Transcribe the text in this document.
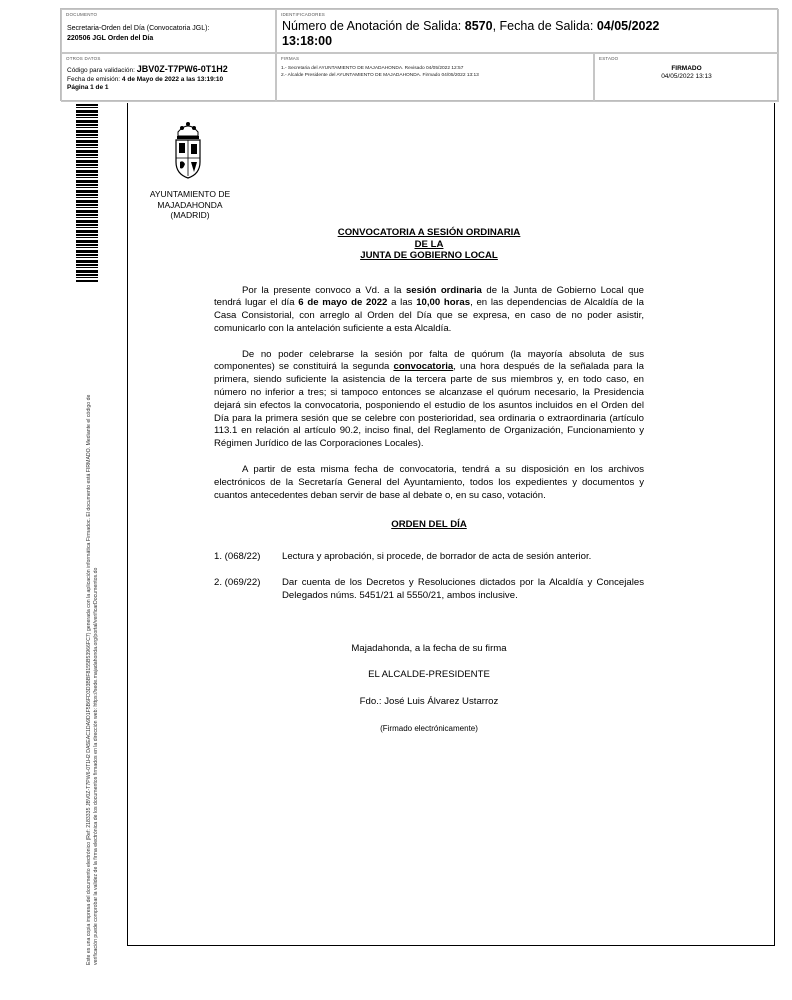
DOCUMENTO
Secretaria-Orden del Día (Convocatoria JGL):
220506 JGL Orden del Día
IDENTIFICADORES
Número de Anotación de Salida: 8570, Fecha de Salida: 04/05/2022
13:18:00
OTROS DATOS
Código para validación: JBV0Z-T7PW6-0T1H2
Fecha de emisión: 4 de Mayo de 2022 a las 13:19:10
Página 1 de 1
FIRMAS
1.- Secretaria del AYUNTAMIENTO DE MAJADAHONDA. Revisado 04/05/2022 12:57
2.- Alcalde Presidente del AYUNTAMIENTO DE MAJADAHONDA. Firmado 04/05/2022 13:13
ESTADO
FIRMADO
04/05/2022 13:13
Este es una copia impresa del documento electrónico (Ref: 2183335 JBV0Z-T7PW6-0T1H2 DA5EAC1DA9D1F5B6FD3D3BBF8155B53966FC7) generada con la aplicación informática Firmadoc. El documento está FIRMADO. Mediante el código de verificación puede comprobar la validez de la firma electrónica de los documentos firmados en la dirección web: https://sede.majadahonda.org/portal/verificarDocumentos.do
AYUNTAMIENTO DE
MAJADAHONDA
(MADRID)
CONVOCATORIA A SESIÓN ORDINARIA
DE LA
JUNTA DE GOBIERNO LOCAL

Por la presente convoco a Vd. a la sesión ordinaria de la Junta de Gobierno Local que tendrá lugar el día 6 de mayo de 2022 a las 10,00 horas, en las dependencias de Alcaldía de la Casa Consistorial, con arreglo al Orden del Día que se expresa, en caso de no poder asistir, comunicarlo con la antelación suficiente a esta Alcaldía.

De no poder celebrarse la sesión por falta de quórum (la mayoría absoluta de sus componentes) se constituirá la segunda convocatoria, una hora después de la señalada para la primera, siendo suficiente la asistencia de la tercera parte de sus miembros y, en todo caso, en número no inferior a tres; si tampoco entonces se alcanzase el quórum necesario, la Presidencia dejará sin efectos la convocatoria, posponiendo el estudio de los asuntos incluidos en el Orden del Día para la primera sesión que se celebre con posterioridad, sea ordinaria o extraordinaria (artículo 113.1 en relación al artículo 90.2, inciso final, del Reglamento de Organización, Funcionamiento y Régimen Jurídico de las Corporaciones Locales).

A partir de esta misma fecha de convocatoria, tendrá a su disposición en los archivos electrónicos de la Secretaría General del Ayuntamiento, todos los expedientes y documentos y cuantos antecedentes deban servir de base al debate o, en su caso, votación.

ORDEN DEL DÍA
1. (068/22)	Lectura y aprobación, si procede, de borrador de acta de sesión anterior.
2. (069/22)	Dar cuenta de los Decretos y Resoluciones dictados por la Alcaldía y Concejales Delegados núms. 5451/21 al 5550/21, ambos inclusive.
Majadahonda, a la fecha de su firma
EL ALCALDE-PRESIDENTE
Fdo.: José Luis Álvarez Ustarroz
(Firmado electrónicamente)
